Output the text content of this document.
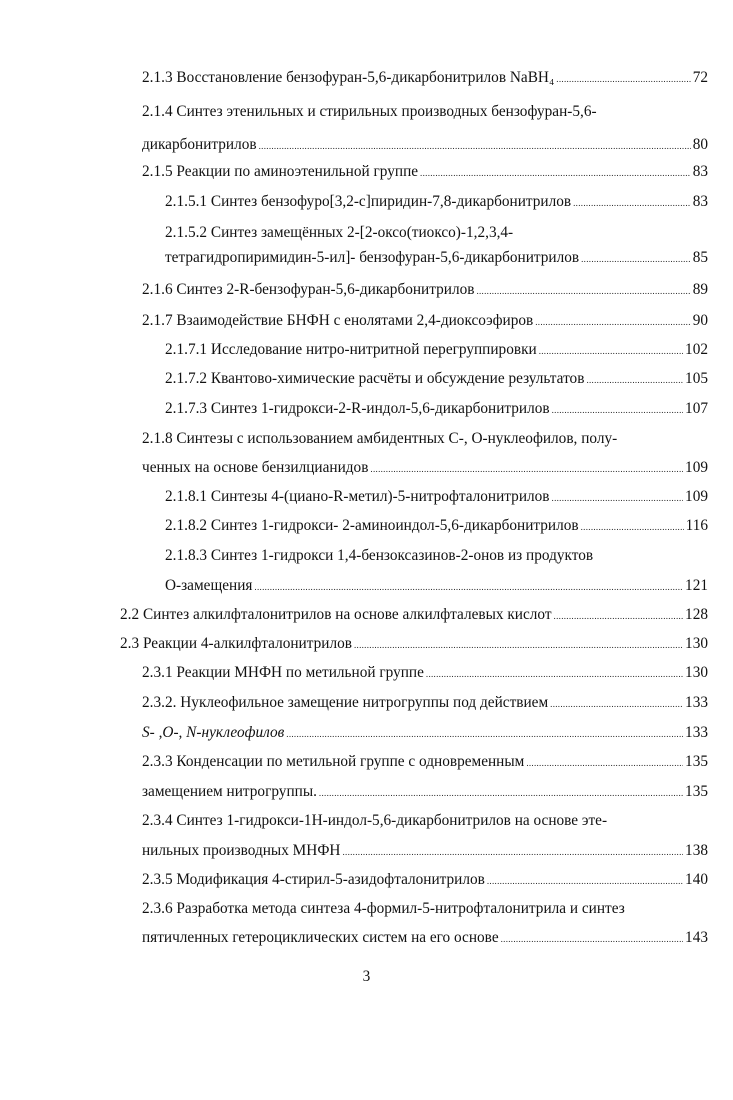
2.1.3 Восстановление бензофуран-5,6-дикарбонитрилов NaBH₄ .....	72
2.1.4 Синтез этенильных и стирильных производных бензофуран-5,6-
дикарбонитрилов .....	80
2.1.5 Реакции по аминоэтенильной группе .....	83
2.1.5.1 Синтез бензофуро[3,2-c]пиридин-7,8-дикарбонитрилов .....	83
2.1.5.2 Синтез замещённых 2-[2-оксо(тиоксо)-1,2,3,4-
тетрагидропиримидин-5-ил]- бензофуран-5,6-дикарбонитрилов .....	85
2.1.6 Синтез 2-R-бензофуран-5,6-дикарбонитрилов .....	89
2.1.7 Взаимодействие БНФН с енолятами 2,4-диоксоэфиров .....	90
2.1.7.1 Исследование нитро-нитритной перегруппировки .....	102
2.1.7.2 Квантово-химические расчёты и обсуждение результатов .....	105
2.1.7.3 Синтез 1-гидрокси-2-R-индол-5,6-дикарбонитрилов .....	107
2.1.8 Синтезы с использованием амбидентных C-, O-нуклеофилов, полу-
ченных на основе бензилцианидов .....	109
2.1.8.1 Синтезы 4-(циано-R-метил)-5-нитрофталонитрилов .....	109
2.1.8.2 Синтез 1-гидрокси- 2-аминоиндол-5,6-дикарбонитрилов .....	116
2.1.8.3 Синтез 1-гидрокси 1,4-бензоксазинов-2-онов из продуктов
O-замещения .....	121
2.2 Синтез алкилфталонитрилов на основе алкилфталевых кислот .....	128
2.3 Реакции 4-алкилфталонитрилов .....	130
2.3.1 Реакции МНФН по метильной группе .....	130
2.3.2. Нуклеофильное замещение нитрогруппы под действием .....	133
S- ,O-, N-нуклеофилов .....	133
2.3.3 Конденсации по метильной группе с одновременным .....	135
замещением нитрогруппы. .....	135
2.3.4 Синтез 1-гидрокси-1Н-индол-5,6-дикарбонитрилов на основе эте-
нильных производных МНФН .....	138
2.3.5 Модификация 4-стирил-5-азидофталонитрилов .....	140
2.3.6 Разработка метода синтеза 4-формил-5-нитрофталонитрила и синтез
пятичленных гетероциклических систем на его основе .....	143
3
